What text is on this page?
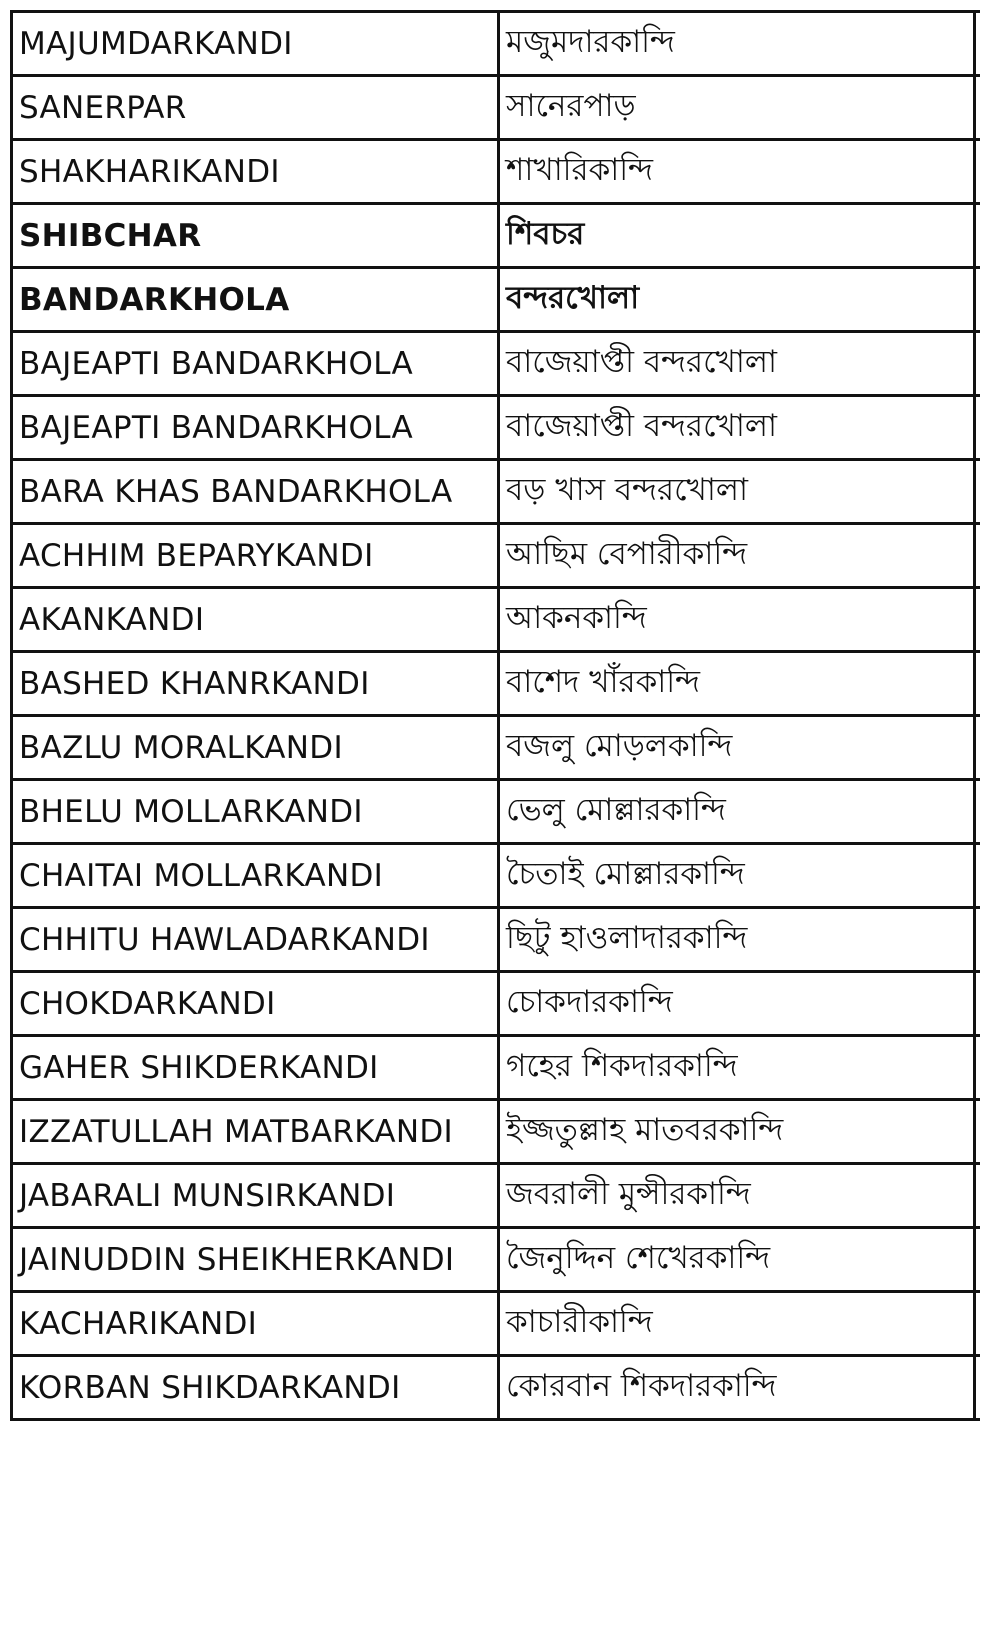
MAJUMDARKANDI	মজুমদারকান্দি	
SANERPAR	সানেরপাড়	
SHAKHARIKANDI	শাখারিকান্দি	
SHIBCHAR	শিবচর	
BANDARKHOLA	বন্দরখোলা	
BAJEAPTI BANDARKHOLA	বাজেয়াপ্তী বন্দরখোলা	
BAJEAPTI BANDARKHOLA	বাজেয়াপ্তী বন্দরখোলা	
BARA KHAS BANDARKHOLA	বড় খাস বন্দরখোলা	
ACHHIM BEPARYKANDI	আছিম বেপারীকান্দি	
AKANKANDI	আকনকান্দি	
BASHED KHANRKANDI	বাশেদ খাঁরকান্দি	
BAZLU MORALKANDI	বজলু মোড়লকান্দি	
BHELU MOLLARKANDI	ভেলু মোল্লারকান্দি	
CHAITAI MOLLARKANDI	চৈতাই মোল্লারকান্দি	
CHHITU HAWLADARKANDI	ছিটু হাওলাদারকান্দি	
CHOKDARKANDI	চোকদারকান্দি	
GAHER SHIKDERKANDI	গহের শিকদারকান্দি	
IZZATULLAH MATBARKANDI	ইজ্জতুল্লাহ মাতবরকান্দি	
JABARALI MUNSIRKANDI	জবরালী মুন্সীরকান্দি	
JAINUDDIN SHEIKHERKANDI	জৈনুদ্দিন শেখেরকান্দি	
KACHARIKANDI	কাচারীকান্দি	
KORBAN SHIKDARKANDI	কোরবান শিকদারকান্দি	
